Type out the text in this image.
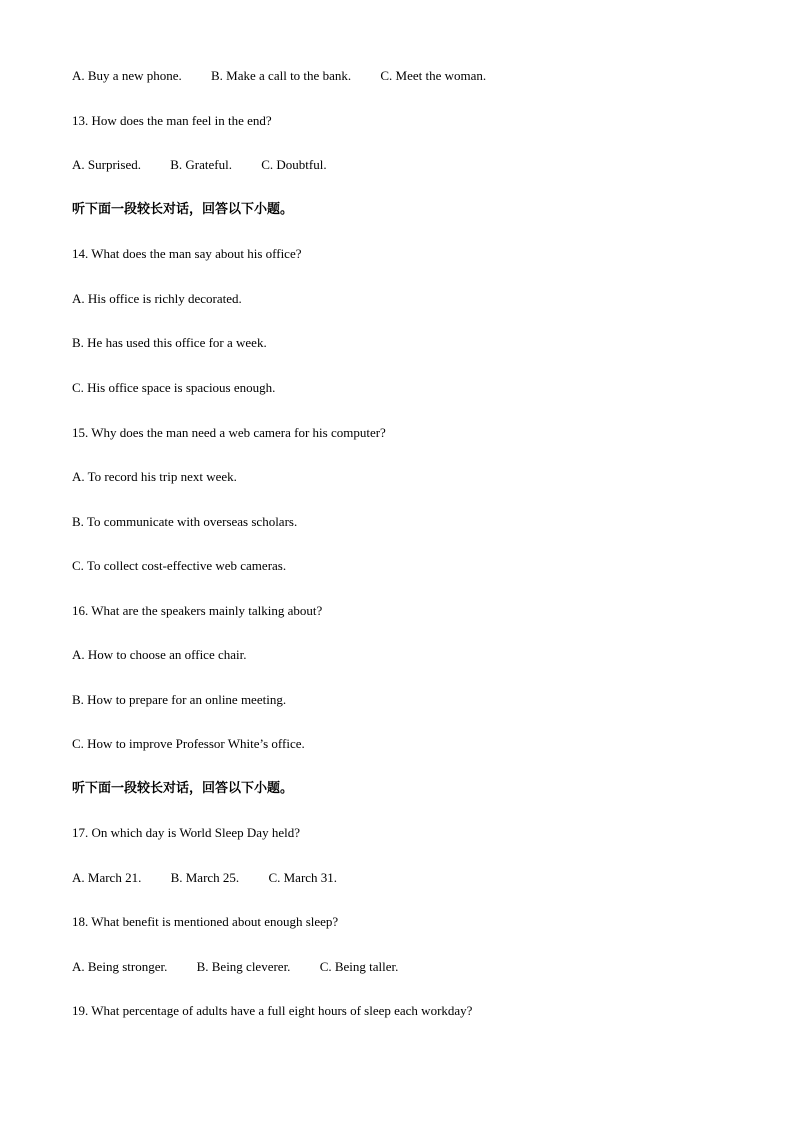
A. Buy a new phone. B. Make a call to the bank. C. Meet the woman.
13. How does the man feel in the end?
A. Surprised. B. Grateful. C. Doubtful.
听下面一段较长对话，回答以下小题。
14. What does the man say about his office?
A. His office is richly decorated.
B. He has used this office for a week.
C. His office space is spacious enough.
15. Why does the man need a web camera for his computer?
A. To record his trip next week.
B. To communicate with overseas scholars.
C. To collect cost-effective web cameras.
16. What are the speakers mainly talking about?
A. How to choose an office chair.
B. How to prepare for an online meeting.
C. How to improve Professor White’s office.
听下面一段较长对话，回答以下小题。
17. On which day is World Sleep Day held?
A. March 21. B. March 25. C. March 31.
18. What benefit is mentioned about enough sleep?
A. Being stronger. B. Being cleverer. C. Being taller.
19. What percentage of adults have a full eight hours of sleep each workday?
